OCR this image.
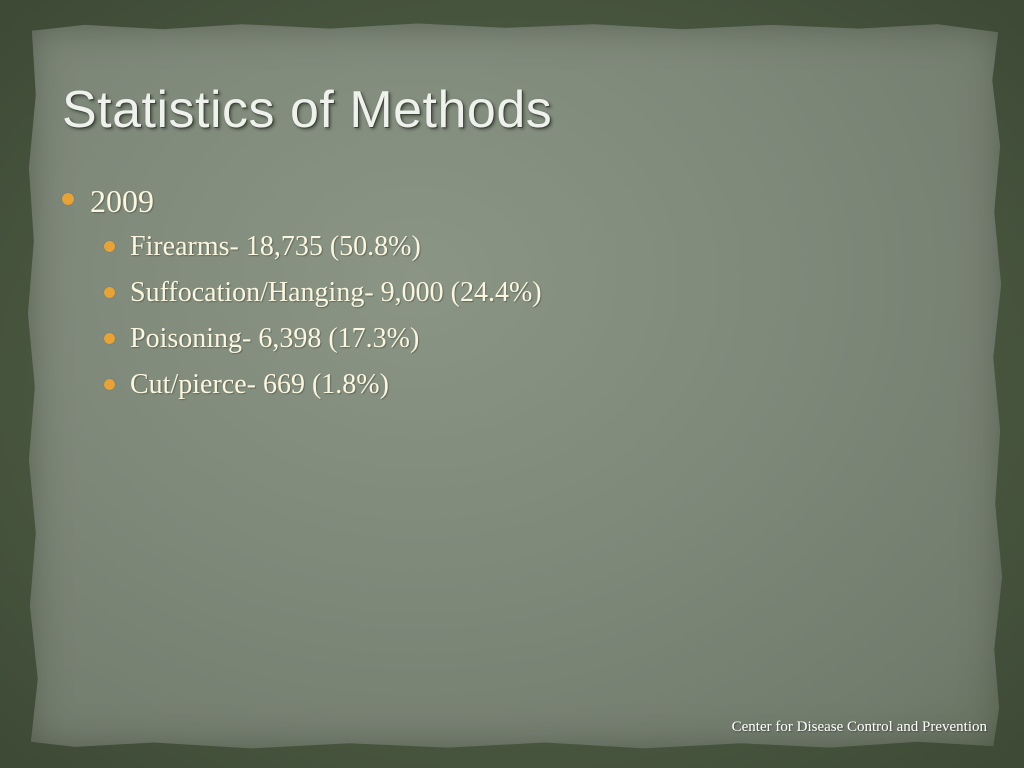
Statistics of Methods
2009
Firearms- 18,735 (50.8%)
Suffocation/Hanging- 9,000 (24.4%)
Poisoning- 6,398 (17.3%)
Cut/pierce- 669 (1.8%)
Center for Disease Control and Prevention
